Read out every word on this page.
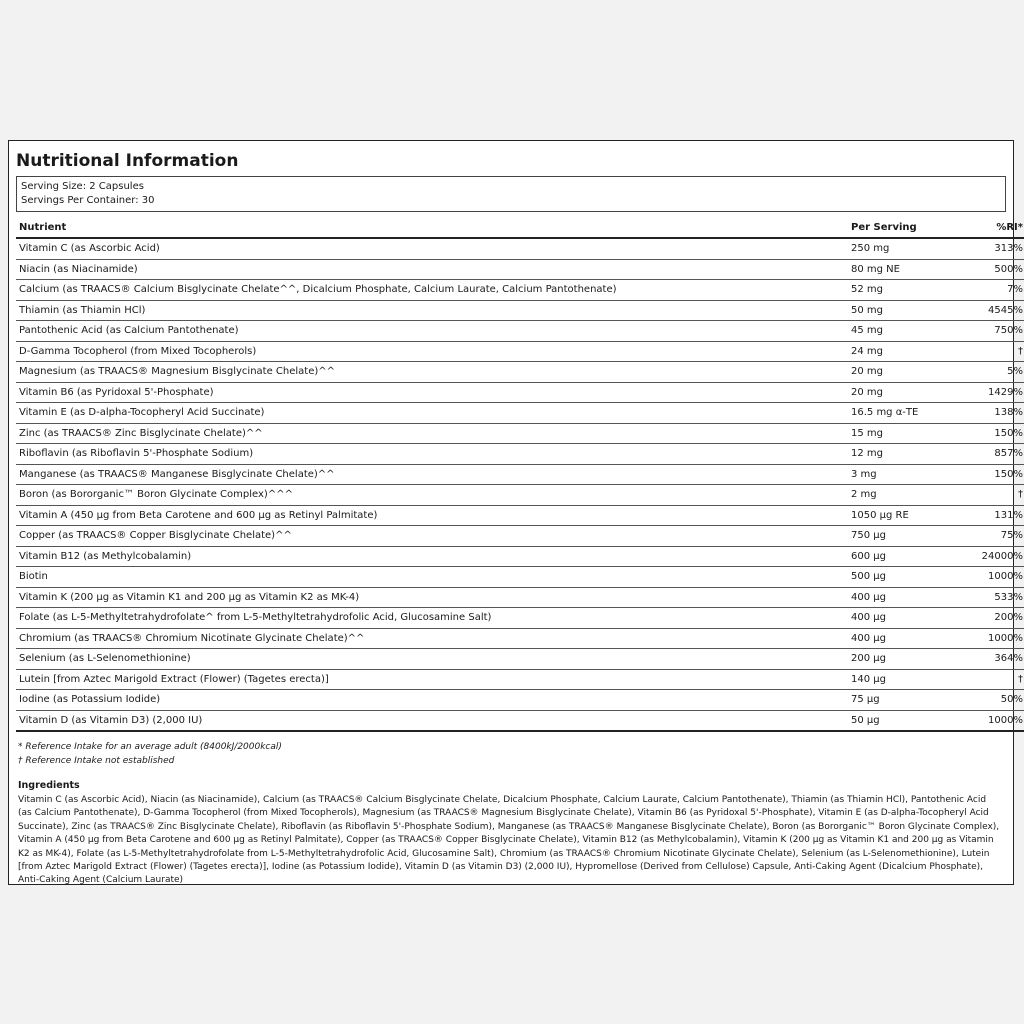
Nutritional Information
Serving Size: 2 Capsules
Servings Per Container: 30
Nutrient	Per Serving	%RI*
Vitamin C (as Ascorbic Acid)	250 mg	313%
Niacin (as Niacinamide)	80 mg NE	500%
Calcium (as TRAACS® Calcium Bisglycinate Chelate^^, Dicalcium Phosphate, Calcium Laurate, Calcium Pantothenate)	52 mg	7%
Thiamin (as Thiamin HCl)	50 mg	4545%
Pantothenic Acid (as Calcium Pantothenate)	45 mg	750%
D-Gamma Tocopherol (from Mixed Tocopherols)	24 mg	†
Magnesium (as TRAACS® Magnesium Bisglycinate Chelate)^^	20 mg	5%
Vitamin B6 (as Pyridoxal 5'-Phosphate)	20 mg	1429%
Vitamin E (as D-alpha-Tocopheryl Acid Succinate)	16.5 mg α-TE	138%
Zinc (as TRAACS® Zinc Bisglycinate Chelate)^^	15 mg	150%
Riboflavin (as Riboflavin 5'-Phosphate Sodium)	12 mg	857%
Manganese (as TRAACS® Manganese Bisglycinate Chelate)^^	3 mg	150%
Boron (as Bororganic™ Boron Glycinate Complex)^^^	2 mg	†
Vitamin A (450 µg from Beta Carotene and 600 µg as Retinyl Palmitate)	1050 µg RE	131%
Copper (as TRAACS® Copper Bisglycinate Chelate)^^	750 µg	75%
Vitamin B12 (as Methylcobalamin)	600 µg	24000%
Biotin	500 µg	1000%
Vitamin K (200 µg as Vitamin K1 and 200 µg as Vitamin K2 as MK-4)	400 µg	533%
Folate (as L-5-Methyltetrahydrofolate^ from L-5-Methyltetrahydrofolic Acid, Glucosamine Salt)	400 µg	200%
Chromium (as TRAACS® Chromium Nicotinate Glycinate Chelate)^^	400 µg	1000%
Selenium (as L-Selenomethionine)	200 µg	364%
Lutein [from Aztec Marigold Extract (Flower) (Tagetes erecta)]	140 µg	†
Iodine (as Potassium Iodide)	75 µg	50%
Vitamin D (as Vitamin D3) (2,000 IU)	50 µg	1000%
* Reference Intake for an average adult (8400kJ/2000kcal)
† Reference Intake not established
Ingredients
Vitamin C (as Ascorbic Acid), Niacin (as Niacinamide), Calcium (as TRAACS® Calcium Bisglycinate Chelate, Dicalcium Phosphate, Calcium Laurate, Calcium Pantothenate), Thiamin (as Thiamin HCl), Pantothenic Acid (as Calcium Pantothenate), D-Gamma Tocopherol (from Mixed Tocopherols), Magnesium (as TRAACS® Magnesium Bisglycinate Chelate), Vitamin B6 (as Pyridoxal 5'-Phosphate), Vitamin E (as D-alpha-Tocopheryl Acid Succinate), Zinc (as TRAACS® Zinc Bisglycinate Chelate), Riboflavin (as Riboflavin 5'-Phosphate Sodium), Manganese (as TRAACS® Manganese Bisglycinate Chelate), Boron (as Bororganic™ Boron Glycinate Complex), Vitamin A (450 µg from Beta Carotene and 600 µg as Retinyl Palmitate), Copper (as TRAACS® Copper Bisglycinate Chelate), Vitamin B12 (as Methylcobalamin), Vitamin K (200 µg as Vitamin K1 and 200 µg as Vitamin K2 as MK-4), Folate (as L-5-Methyltetrahydrofolate from L-5-Methyltetrahydrofolic Acid, Glucosamine Salt), Chromium (as TRAACS® Chromium Nicotinate Glycinate Chelate), Selenium (as L-Selenomethionine), Lutein [from Aztec Marigold Extract (Flower) (Tagetes erecta)], Iodine (as Potassium Iodide), Vitamin D (as Vitamin D3) (2,000 IU), Hypromellose (Derived from Cellulose) Capsule, Anti-Caking Agent (Dicalcium Phosphate), Anti-Caking Agent (Calcium Laurate)
